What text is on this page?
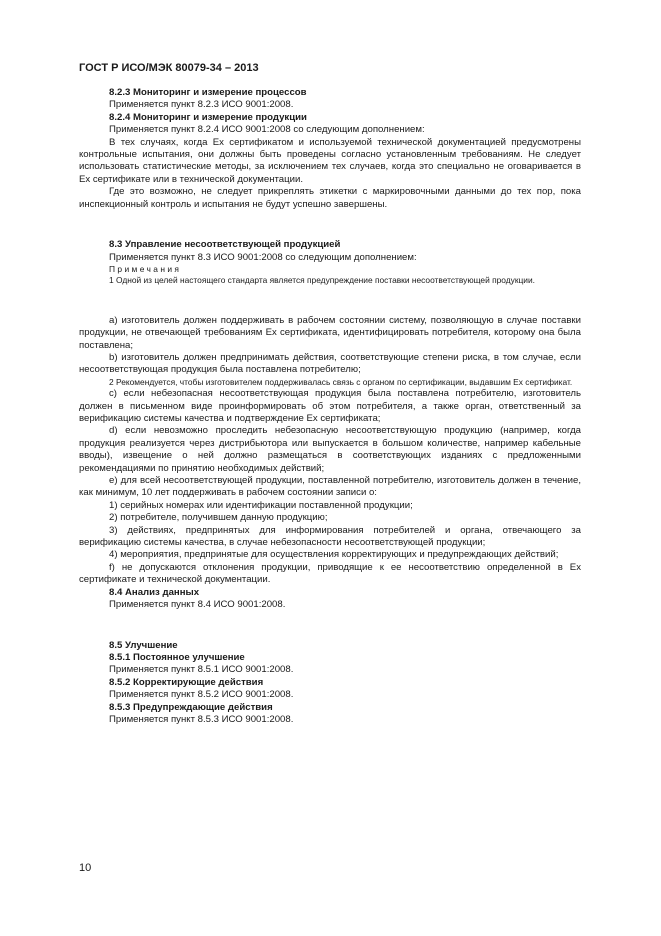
ГОСТ Р ИСО/МЭК 80079-34 – 2013

8.2.3 Мониторинг и измерение процессов

Применяется пункт 8.2.3 ИСО 9001:2008.

8.2.4 Мониторинг и измерение продукции

Применяется пункт 8.2.4 ИСО 9001:2008 со следующим дополнением:

В тех случаях, когда Ех сертификатом и используемой технической документацией предусмотрены контрольные испытания, они должны быть проведены согласно установленным требованиям. Не следует использовать статистические методы, за исключением тех случаев, когда это специально не оговаривается в Ех сертификате или в технической документации.

Где это возможно, не следует прикреплять этикетки с маркировочными данными до тех пор, пока инспекционный контроль и испытания не будут успешно завершены.

8.3 Управление несоответствующей продукцией

Применяется пункт 8.3 ИСО 9001:2008 со следующим дополнением:

Примечания

1 Одной из целей настоящего стандарта является предупреждение поставки несоответствующей продукции.

a) изготовитель должен поддерживать в рабочем состоянии систему, позволяющую в случае поставки продукции, не отвечающей требованиям Ех сертификата, идентифицировать потребителя, которому она была поставлена;

b) изготовитель должен предпринимать действия, соответствующие степени риска, в том случае, если несоответствующая продукция была поставлена потребителю;

2 Рекомендуется, чтобы изготовителем поддерживалась связь с органом по сертификации, выдавшим Ех сертификат.

c) если небезопасная несоответствующая продукция была поставлена потребителю, изготовитель должен в письменном виде проинформировать об этом потребителя, а также орган, ответственный за верификацию системы качества и подтверждение Ех сертификата;

d) если невозможно проследить небезопасную несоответствующую продукцию (например, когда продукция реализуется через дистрибьютора или выпускается в большом количестве, например кабельные вводы), извещение о ней должно размещаться в соответствующих изданиях с предложенными рекомендациями по принятию необходимых действий;

e) для всей несоответствующей продукции, поставленной потребителю, изготовитель должен в течение, как минимум, 10 лет поддерживать в рабочем состоянии записи о:

1) серийных номерах или идентификации поставленной продукции;

2) потребителе, получившем данную продукцию;

3) действиях, предпринятых для информирования потребителей и органа, отвечающего за верификацию системы качества, в случае небезопасности несоответствующей продукции;

4) мероприятия, предпринятые для осуществления корректирующих и предупреждающих действий;

f) не допускаются отклонения продукции, приводящие к ее несоответствию определенной в Ех сертификате и технической документации.

8.4 Анализ данных

Применяется пункт 8.4 ИСО 9001:2008.

8.5 Улучшение

8.5.1 Постоянное улучшение

Применяется пункт 8.5.1 ИСО 9001:2008.

8.5.2 Корректирующие действия

Применяется пункт 8.5.2 ИСО 9001:2008.

8.5.3 Предупреждающие действия

Применяется пункт 8.5.3 ИСО 9001:2008.

10
